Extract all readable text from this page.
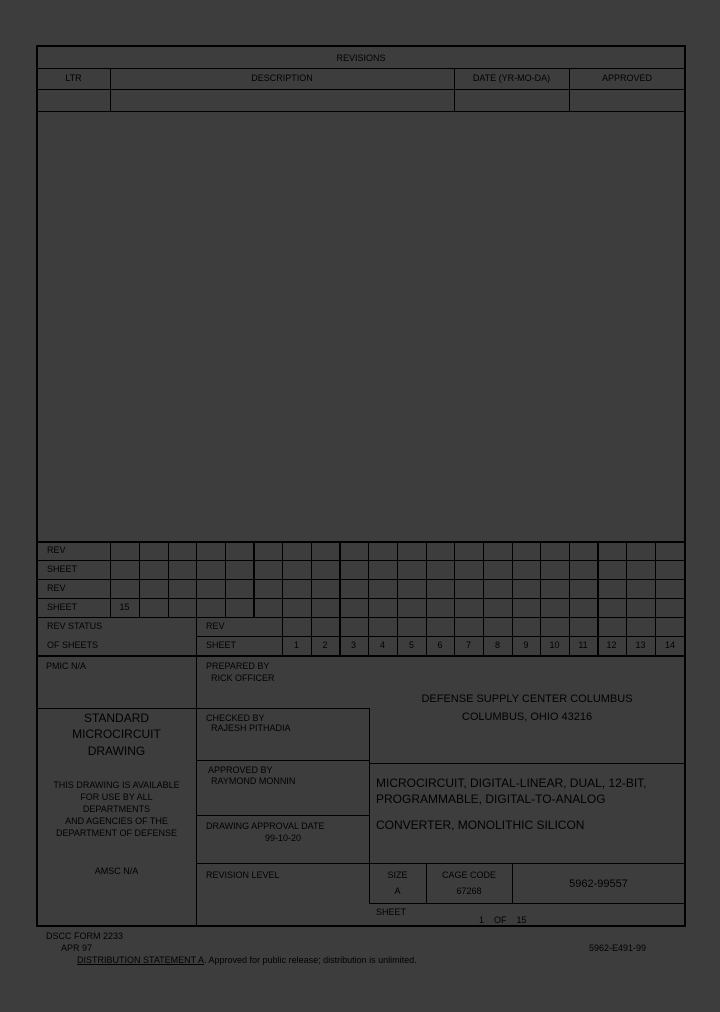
REVISIONS
LTR	DESCRIPTION	DATE (YR-MO-DA)	APPROVED
REV
SHEET
REV
SHEET	15
REV STATUS
OF SHEETS
REV
SHEET	1	2	3	4	5	6	7	8	9	10	11	12	13	14
PMIC N/A	PREPARED BY
RICK OFFICER
CHECKED BY
RAJESH PITHADIA
APPROVED BY
RAYMOND MONNIN
DRAWING APPROVAL DATE
99-10-20
REVISION LEVEL
STANDARD
MICROCIRCUIT
DRAWING
THIS DRAWING IS AVAILABLE
FOR USE BY ALL
DEPARTMENTS
AND AGENCIES OF THE
DEPARTMENT OF DEFENSE
AMSC N/A
DEFENSE SUPPLY CENTER COLUMBUS
COLUMBUS, OHIO 43216
MICROCIRCUIT, DIGITAL-LINEAR, DUAL, 12-BIT,
PROGRAMMABLE, DIGITAL-TO-ANALOG
CONVERTER, MONOLITHIC SILICON
SIZE
A
CAGE CODE
67268
5962-99557
SHEET
1    OF    15
DSCC FORM 2233
APR 97
DISTRIBUTION STATEMENT A. Approved for public release; distribution is unlimited.
5962-E491-99
